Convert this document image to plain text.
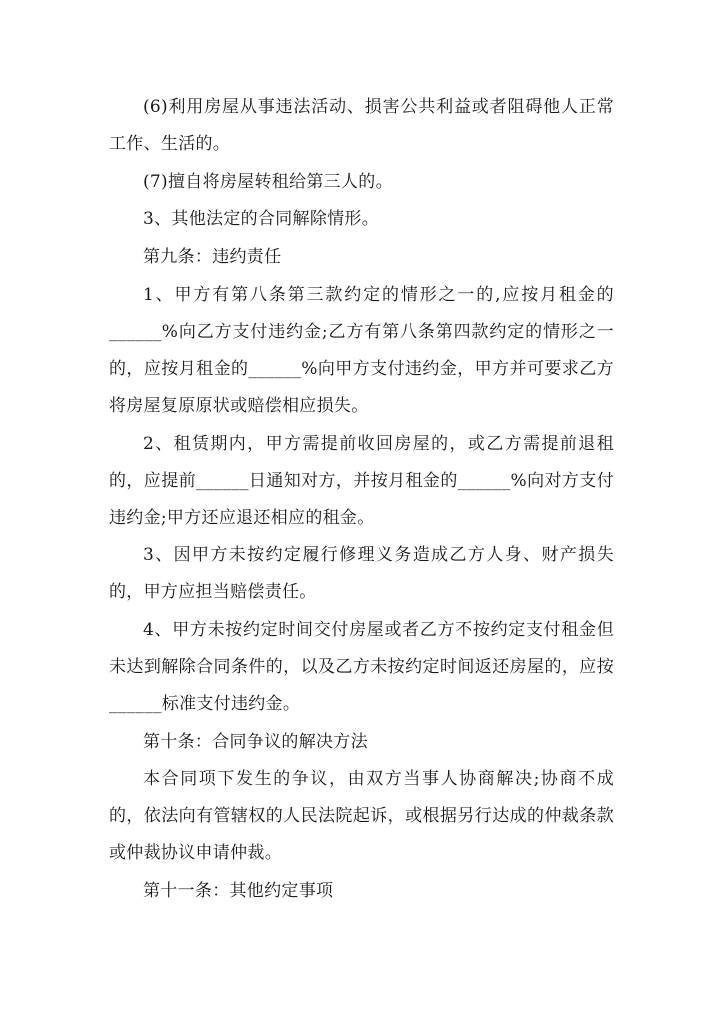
(6)利用房屋从事违法活动、损害公共利益或者阻碍他人正常工作、生活的。

(7)擅自将房屋转租给第三人的。

3、其他法定的合同解除情形。

第九条：违约责任

1、甲方有第八条第三款约定的情形之一的,应按月租金的______%向乙方支付违约金;乙方有第八条第四款约定的情形之一的，应按月租金的______%向甲方支付违约金，甲方并可要求乙方将房屋复原原状或赔偿相应损失。

2、租赁期内，甲方需提前收回房屋的，或乙方需提前退租的，应提前______日通知对方，并按月租金的______%向对方支付违约金;甲方还应退还相应的租金。

3、因甲方未按约定履行修理义务造成乙方人身、财产损失的，甲方应担当赔偿责任。

4、甲方未按约定时间交付房屋或者乙方不按约定支付租金但未达到解除合同条件的，以及乙方未按约定时间返还房屋的，应按______标准支付违约金。

第十条：合同争议的解决方法

本合同项下发生的争议，由双方当事人协商解决;协商不成的，依法向有管辖权的人民法院起诉，或根据另行达成的仲裁条款或仲裁协议申请仲裁。

第十一条：其他约定事项
